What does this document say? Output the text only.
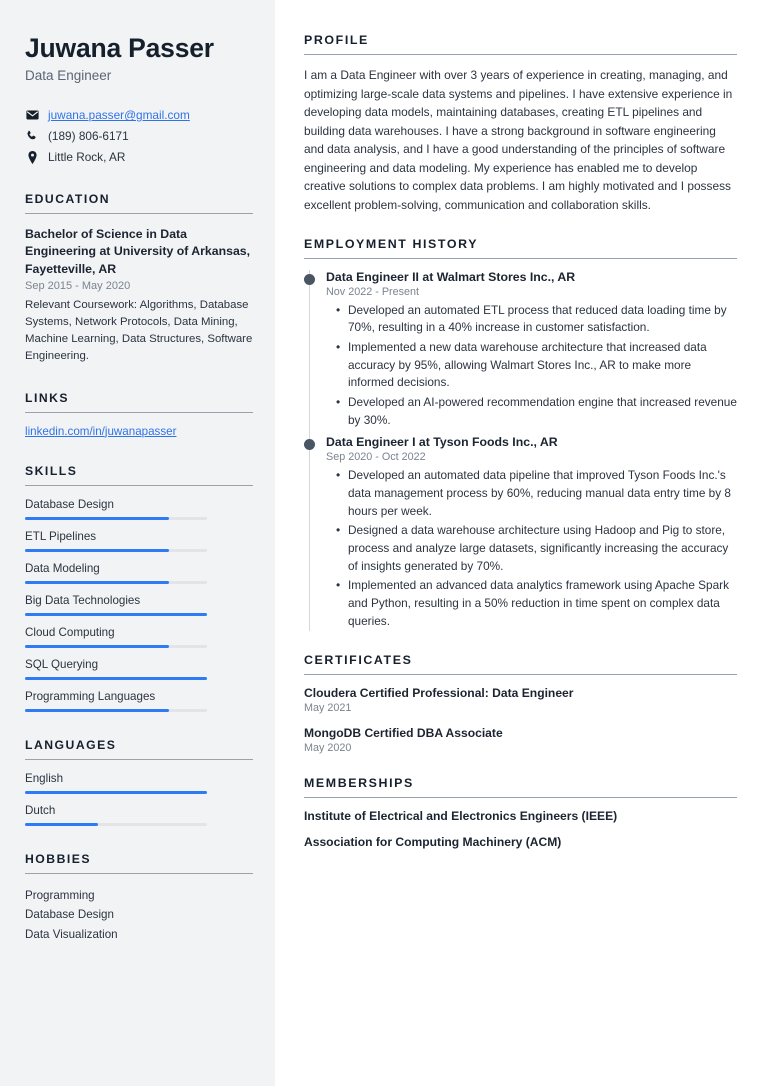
Juwana Passer
Data Engineer
juwana.passer@gmail.com
(189) 806-6171
Little Rock, AR
EDUCATION
Bachelor of Science in Data Engineering at University of Arkansas, Fayetteville, AR
Sep 2015 - May 2020
Relevant Coursework: Algorithms, Database Systems, Network Protocols, Data Mining, Machine Learning, Data Structures, Software Engineering.
LINKS
linkedin.com/in/juwanapasser
SKILLS
Database Design
ETL Pipelines
Data Modeling
Big Data Technologies
Cloud Computing
SQL Querying
Programming Languages
LANGUAGES
English
Dutch
HOBBIES
Programming
Database Design
Data Visualization
PROFILE

I am a Data Engineer with over 3 years of experience in creating, managing, and optimizing large-scale data systems and pipelines. I have extensive experience in developing data models, maintaining databases, creating ETL pipelines and building data warehouses. I have a strong background in software engineering and data analysis, and I have a good understanding of the principles of software engineering and data modeling. My experience has enabled me to develop creative solutions to complex data problems. I am highly motivated and I possess excellent problem-solving, communication and collaboration skills.

EMPLOYMENT HISTORY
Data Engineer II at Walmart Stores Inc., AR
Nov 2022 - Present
• Developed an automated ETL process that reduced data loading time by 70%, resulting in a 40% increase in customer satisfaction.
• Implemented a new data warehouse architecture that increased data accuracy by 95%, allowing Walmart Stores Inc., AR to make more informed decisions.
• Developed an AI-powered recommendation engine that increased revenue by 30%.
Data Engineer I at Tyson Foods Inc., AR
Sep 2020 - Oct 2022
• Developed an automated data pipeline that improved Tyson Foods Inc.'s data management process by 60%, reducing manual data entry time by 8 hours per week.
• Designed a data warehouse architecture using Hadoop and Pig to store, process and analyze large datasets, significantly increasing the accuracy of insights generated by 70%.
• Implemented an advanced data analytics framework using Apache Spark and Python, resulting in a 50% reduction in time spent on complex data queries.
CERTIFICATES
Cloudera Certified Professional: Data Engineer
May 2021
MongoDB Certified DBA Associate
May 2020
MEMBERSHIPS
Institute of Electrical and Electronics Engineers (IEEE)
Association for Computing Machinery (ACM)
